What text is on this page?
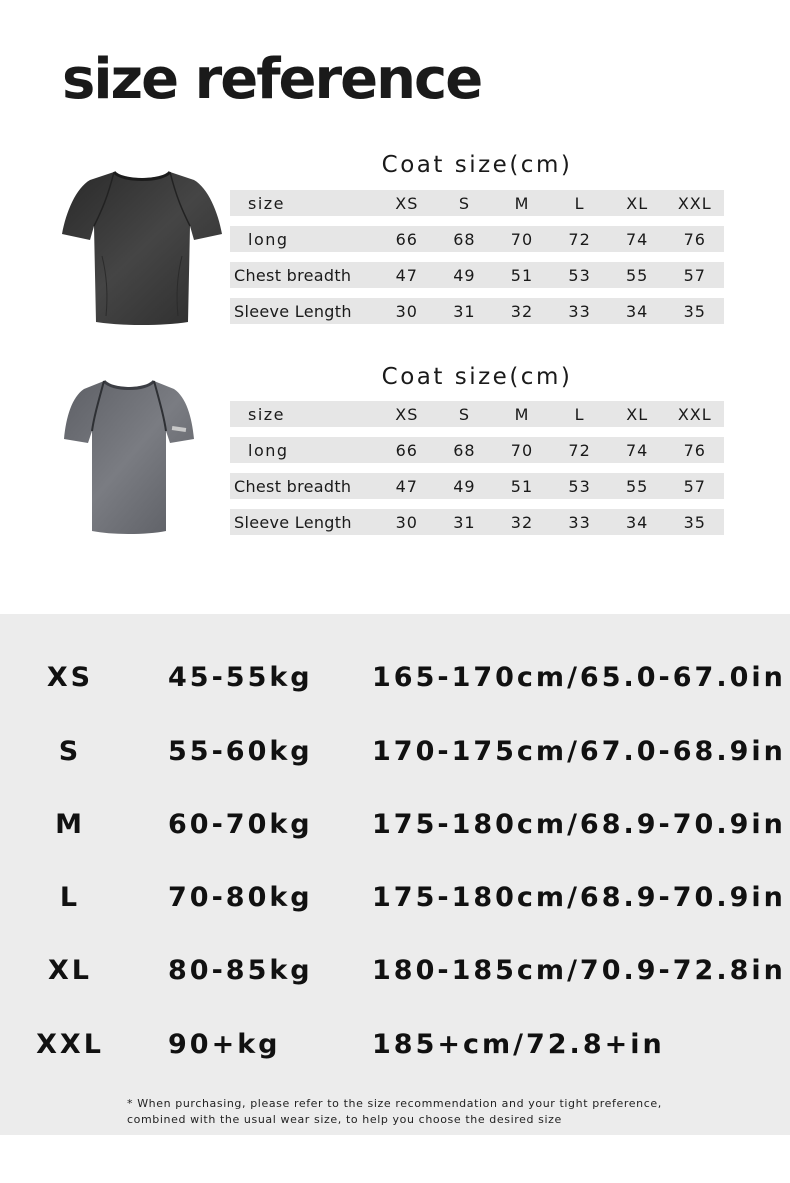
size reference
Coat size(cm)
size	XS	S	M	L	XL	XXL
long	66	68	70	72	74	76
Chest breadth	47	49	51	53	55	57
Sleeve Length	30	31	32	33	34	35
Coat size(cm)
size	XS	S	M	L	XL	XXL
long	66	68	70	72	74	76
Chest breadth	47	49	51	53	55	57
Sleeve Length	30	31	32	33	34	35
XS	45-55kg 165-170cm/65.0-67.0in
S	55-60kg 170-175cm/67.0-68.9in
M	60-70kg 175-180cm/68.9-70.9in
L	70-80kg 175-180cm/68.9-70.9in
XL	80-85kg 180-185cm/70.9-72.8in
XXL	90+kg	185+cm/72.8+in
* When purchasing, please refer to the size recommendation and your tight preference,
combined with the usual wear size, to help you choose the desired size
